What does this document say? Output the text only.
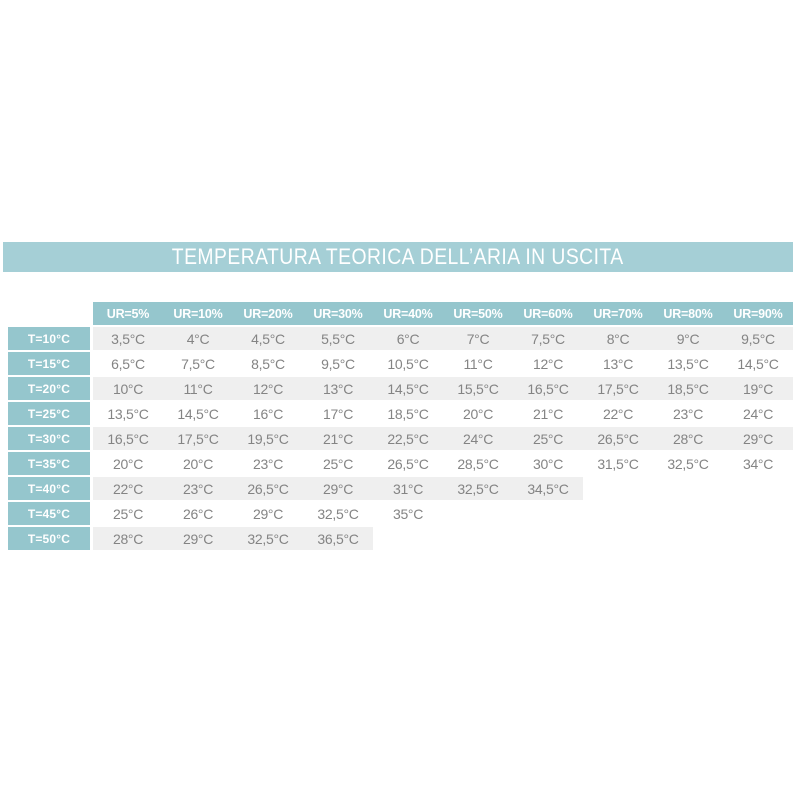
TEMPERATURA TEORICA DELL’ARIA IN USCITA
UR=5%	UR=10%	UR=20%	UR=30%	UR=40%	UR=50%	UR=60%	UR=70%	UR=80%	UR=90%
T=10°C	3,5°C	4°C	4,5°C	5,5°C	6°C	7°C	7,5°C	8°C	9°C	9,5°C
T=15°C	6,5°C	7,5°C	8,5°C	9,5°C	10,5°C	11°C	12°C	13°C	13,5°C	14,5°C
T=20°C	10°C	11°C	12°C	13°C	14,5°C	15,5°C	16,5°C	17,5°C	18,5°C	19°C
T=25°C	13,5°C	14,5°C	16°C	17°C	18,5°C	20°C	21°C	22°C	23°C	24°C
T=30°C	16,5°C	17,5°C	19,5°C	21°C	22,5°C	24°C	25°C	26,5°C	28°C	29°C
T=35°C	20°C	20°C	23°C	25°C	26,5°C	28,5°C	30°C	31,5°C	32,5°C	34°C
T=40°C	22°C	23°C	26,5°C	29°C	31°C	32,5°C	34,5°C
T=45°C	25°C	26°C	29°C	32,5°C	35°C
T=50°C	28°C	29°C	32,5°C	36,5°C
